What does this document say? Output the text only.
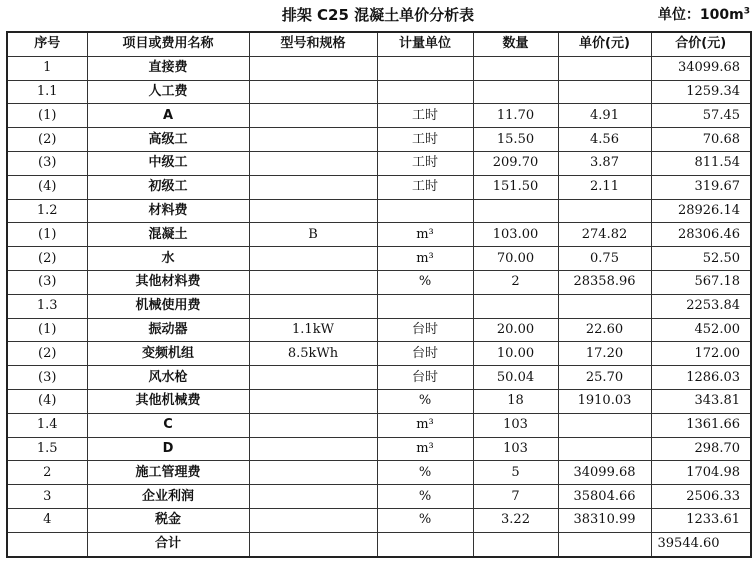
排架 C25 混凝土单价分析表	单位：$100m^3$
序号	项目或费用名称	型号和规格	计量单位	数量	单价(元)	合价(元)
1	直接费					34099.68
1.1	人工费					1259.34
(1)	A		工时	11.70	4.91	57.45
(2)	高级工		工时	15.50	4.56	70.68
(3)	中级工		工时	209.70	3.87	811.54
(4)	初级工		工时	151.50	2.11	319.67
1.2	材料费					28926.14
(1)	混凝土	B	m³	103.00	274.82	28306.46
(2)	水		m³	70.00	0.75	52.50
(3)	其他材料费		%	2	28358.96	567.18
1.3	机械使用费					2253.84
(1)	振动器	1.1kW	台时	20.00	22.60	452.00
(2)	变频机组	8.5kWh	台时	10.00	17.20	172.00
(3)	风水枪		台时	50.04	25.70	1286.03
(4)	其他机械费		%	18	1910.03	343.81
1.4	C		m³	103		1361.66
1.5	D		m³	103		298.70
2	施工管理费		%	5	34099.68	1704.98
3	企业利润		%	7	35804.66	2506.33
4	税金		%	3.22	38310.99	1233.61
	合计					39544.60
